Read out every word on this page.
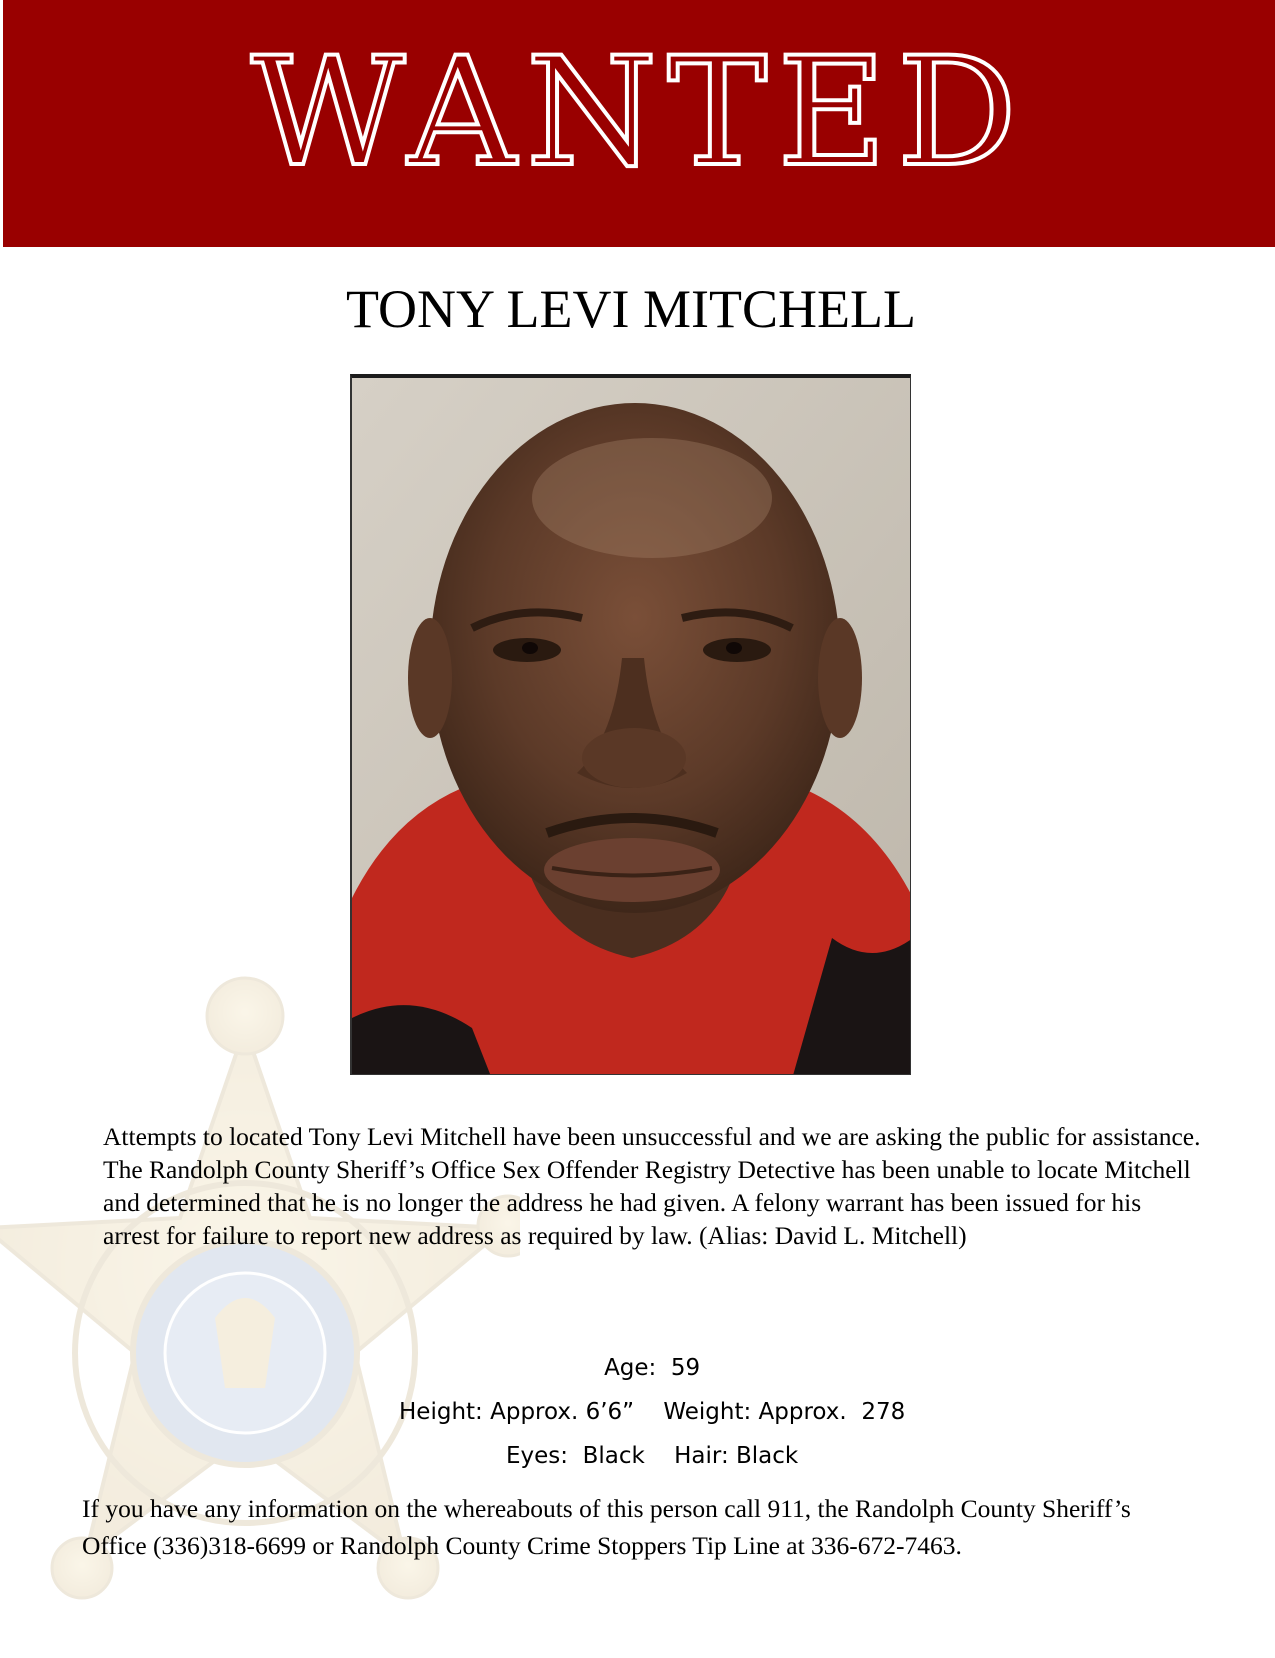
WANTED
TONY LEVI MITCHELL
Attempts to located Tony Levi Mitchell have been unsuccessful and we are asking the public for assistance. The Randolph County Sheriff’s Office Sex Offender Registry Detective has been unable to locate Mitchell and determined that he is no longer the address he had given. A felony warrant has been issued for his arrest for failure to report new address as required by law. (Alias: David L. Mitchell)

Age:  59

Height: Approx. 6’6” Weight: Approx.  278

Eyes:  Black Hair: Black

If you have any information on the whereabouts of this person call 911, the Randolph County Sheriff’s Office (336)318-6699 or Randolph County Crime Stoppers Tip Line at 336-672-7463.
